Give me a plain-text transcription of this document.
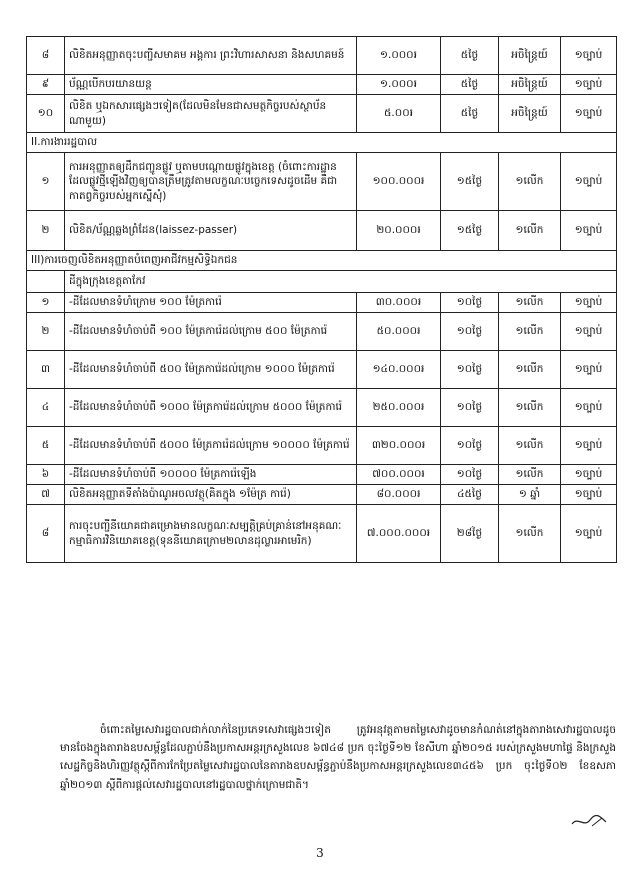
៨	លិខិតអនុញ្ញាតចុះបញ្ជីសមាគម អង្គការ ព្រះវិហារសាសនា និងសហគមន៍	១.០០០៛	៥ថ្ងៃ	អចិន្ត្រៃយ៍	១ច្បាប់
៩	ប័ណ្ណបើកបរយានយន្ត	១.០០០៛	៥ថ្ងៃ	អចិន្ត្រៃយ៍	១ច្បាប់
១០	លិខិត ឬឯកសារផ្សេងៗទៀត(ដែលមិនមែនជាសមត្ថកិច្ចរបស់ស្ថាប័នណាមួយ)	៥.០០៛	៥ថ្ងៃ	អចិន្ត្រៃយ៍	១ច្បាប់
II.ការងាររដ្ឋបាល					
១	ការអនុញ្ញាតឲ្យដឹកជញ្ជូនផ្លូវ ឬតាមបណ្តោយផ្លូវក្នុងខេត្ត (ចំពោះការដ្ឋានដែលផ្លូវថ្មីឡើងវិញឲ្យបានត្រឹមត្រូវតាមលក្ខណៈបច្ចេកទេសដូចដើម គឺជាកាតព្វកិច្ចរបស់អ្នកស្នើសុំ)	១០០.០០០៛	១៥ថ្ងៃ	១លើក	១ច្បាប់
២	លិខិត/ប័ណ្ណឆ្លងព្រំដែន(laissez-passer)	២០.០០០៛	១៥ថ្ងៃ	១លើក	១ច្បាប់
III)ការចេញលិខិតអនុញ្ញាតបំពេញអាជីវកម្មសិទ្ធិឯកជន					
	ដីក្នុងក្រុងខេត្តតាកែវ				
១	-ដីដែលមានទំហំក្រោម ១០០ ម៉ែត្រការ៉េ	៣០.០០០៛	១០ថ្ងៃ	១លើក	១ច្បាប់
២	-ដីដែលមានទំហំចាប់ពី ១០០ ម៉ែត្រការ៉េដល់ក្រោម ៥០០ ម៉ែត្រការ៉េ	៥០.០០០៛	១០ថ្ងៃ	១លើក	១ច្បាប់
៣	-ដីដែលមានទំហំចាប់ពី ៥០០ ម៉ែត្រការ៉េដល់ក្រោម ១០០០ ម៉ែត្រការ៉េ	១៤០.០០០៛	១០ថ្ងៃ	១លើក	១ច្បាប់
៤	-ដីដែលមានទំហំចាប់ពី ១០០០ ម៉ែត្រការ៉េដល់ក្រោម ៥០០០ ម៉ែត្រការ៉េ	២៥០.០០០៛	១០ថ្ងៃ	១លើក	១ច្បាប់
៥	-ដីដែលមានទំហំចាប់ពី ៥០០០ ម៉ែត្រការ៉េដល់ក្រោម ១០០០០ ម៉ែត្រការ៉េ	៣២០.០០០៛	១០ថ្ងៃ	១លើក	១ច្បាប់
៦	-ដីដែលមានទំហំចាប់ពី ១០០០០ ម៉ែត្រការ៉េឡើង	៧០០.០០០៛	១០ថ្ងៃ	១លើក	១ច្បាប់
៧	លិខិតអនុញ្ញាតទីតាំងប៉ាណូអចលវត្ថុ(គិតក្នុង ១ម៉ែត្រ ការ៉េ)	៨០.០០០៛	៤៥ថ្ងៃ	១ ឆ្នាំ	១ច្បាប់
៨	ការចុះបញ្ជីនីយោគជាគម្រោងមានលក្ខណៈសម្បត្តិគ្រប់គ្រាន់នៅអនុគណៈកម្មាធិការវិនិយោគខេត្ត(ទុននីយោគក្រោម២លានដុល្លារអាមេរិក)	៧.០០០.០០០៛	២៨ថ្ងៃ	១លើក	១ច្បាប់

ចំពោះតម្លៃសេវារដ្ឋបាលជាក់លាក់នៃប្រភេទសេវាផ្សេងៗទៀត ត្រូវអនុវត្តតាមតម្លៃសេវាដូចមានកំណត់នៅក្នុងតារាងសេវារដ្ឋបាលដូចមានចែងក្នុងតារាងឧបសម្ព័ន្ធដែលភ្ជាប់នឹងប្រកាសអន្តរក្រសួងលេខ ៦៧៤៨ ប្រក ចុះថ្ងៃទី១២ ខែសីហា ឆ្នាំ២០១៥ របស់ក្រសួងមហាផ្ទៃ និងក្រសួងសេដ្ឋកិច្ចនិងហិរញ្ញវត្ថុស្តីពីការកែប្រែតម្លៃសេវារដ្ឋបាលនៃតារាងឧបសម្ព័ន្ធភ្ជាប់នឹងប្រកាសអន្តរក្រសួងលេខ៣៤៥៦ ប្រក ចុះថ្ងៃទី០២ ខែឧសភា ឆ្នាំ២០១៣ ស្តីពីការផ្តល់សេវារដ្ឋបាលនៅរដ្ឋបាលថ្នាក់ក្រោមជាតិ។

3
